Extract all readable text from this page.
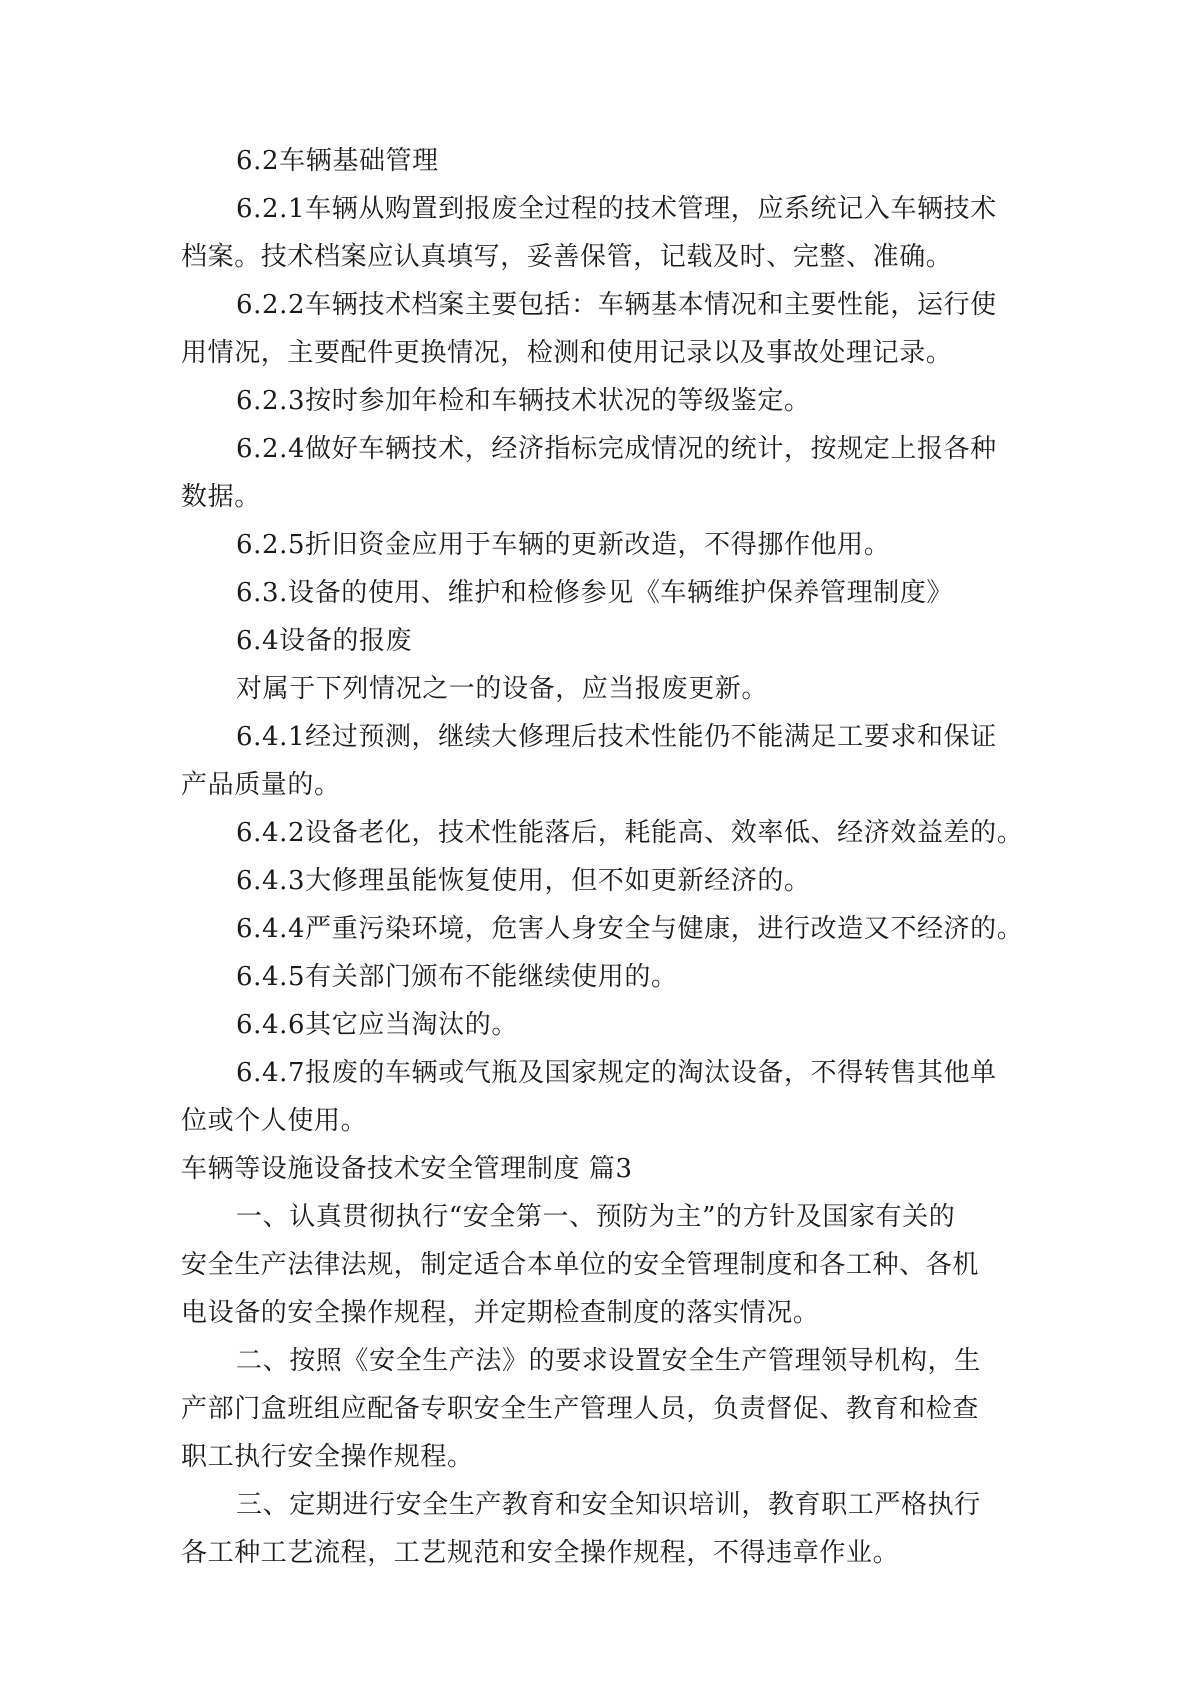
6.2车辆基础管理
6.2.1车辆从购置到报废全过程的技术管理，应系统记入车辆技术
档案。技术档案应认真填写，妥善保管，记载及时、完整、准确。
6.2.2车辆技术档案主要包括：车辆基本情况和主要性能，运行使
用情况，主要配件更换情况，检测和使用记录以及事故处理记录。
6.2.3按时参加年检和车辆技术状况的等级鉴定。
6.2.4做好车辆技术，经济指标完成情况的统计，按规定上报各种
数据。
6.2.5折旧资金应用于车辆的更新改造，不得挪作他用。
6.3.设备的使用、维护和检修参见《车辆维护保养管理制度》
6.4设备的报废
对属于下列情况之一的设备，应当报废更新。
6.4.1经过预测，继续大修理后技术性能仍不能满足工要求和保证
产品质量的。
6.4.2设备老化，技术性能落后，耗能高、效率低、经济效益差的。
6.4.3大修理虽能恢复使用，但不如更新经济的。
6.4.4严重污染环境，危害人身安全与健康，进行改造又不经济的。
6.4.5有关部门颁布不能继续使用的。
6.4.6其它应当淘汰的。
6.4.7报废的车辆或气瓶及国家规定的淘汰设备，不得转售其他单
位或个人使用。
车辆等设施设备技术安全管理制度 篇3
一、认真贯彻执行“安全第一、预防为主”的方针及国家有关的
安全生产法律法规，制定适合本单位的安全管理制度和各工种、各机
电设备的安全操作规程，并定期检查制度的落实情况。
二、按照《安全生产法》的要求设置安全生产管理领导机构，生
产部门盒班组应配备专职安全生产管理人员，负责督促、教育和检查
职工执行安全操作规程。
三、定期进行安全生产教育和安全知识培训，教育职工严格执行
各工种工艺流程，工艺规范和安全操作规程，不得违章作业。
